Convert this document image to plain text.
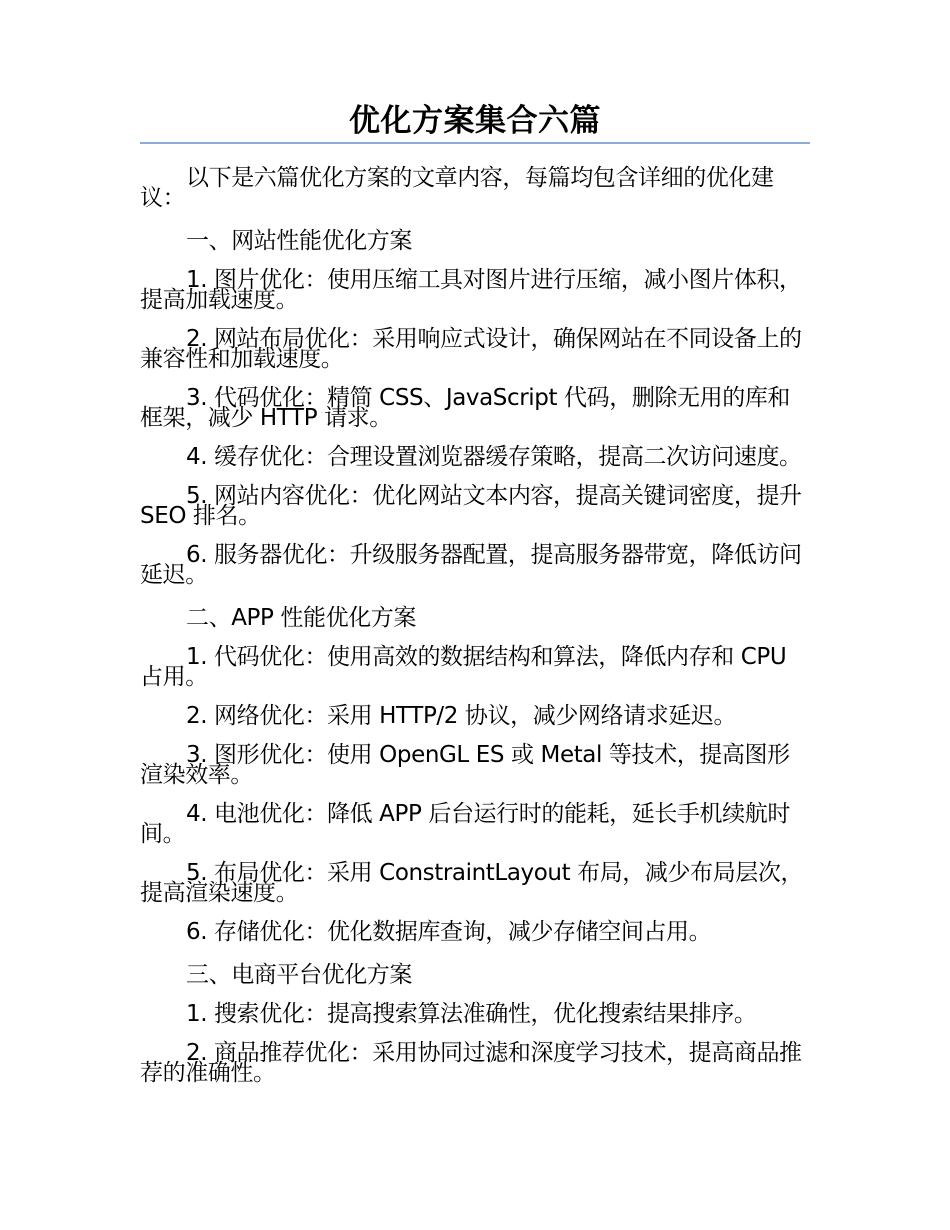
优化方案集合六篇

以下是六篇优化方案的文章内容，每篇均包含详细的优化建议：

一、网站性能优化方案

1. 图片优化：使用压缩工具对图片进行压缩，减小图片体积，提高加载速度。

2. 网站布局优化：采用响应式设计，确保网站在不同设备上的兼容性和加载速度。

3. 代码优化：精简 CSS、JavaScript 代码，删除无用的库和框架，减少 HTTP 请求。

4. 缓存优化：合理设置浏览器缓存策略，提高二次访问速度。

5. 网站内容优化：优化网站文本内容，提高关键词密度，提升 SEO 排名。

6. 服务器优化：升级服务器配置，提高服务器带宽，降低访问延迟。

二、APP 性能优化方案

1. 代码优化：使用高效的数据结构和算法，降低内存和 CPU 占用。

2. 网络优化：采用 HTTP/2 协议，减少网络请求延迟。

3. 图形优化：使用 OpenGL ES 或 Metal 等技术，提高图形渲染效率。

4. 电池优化：降低 APP 后台运行时的能耗，延长手机续航时间。

5. 布局优化：采用 ConstraintLayout 布局，减少布局层次，提高渲染速度。

6. 存储优化：优化数据库查询，减少存储空间占用。

三、电商平台优化方案

1. 搜索优化：提高搜索算法准确性，优化搜索结果排序。

2. 商品推荐优化：采用协同过滤和深度学习技术，提高商品推荐的准确性。
